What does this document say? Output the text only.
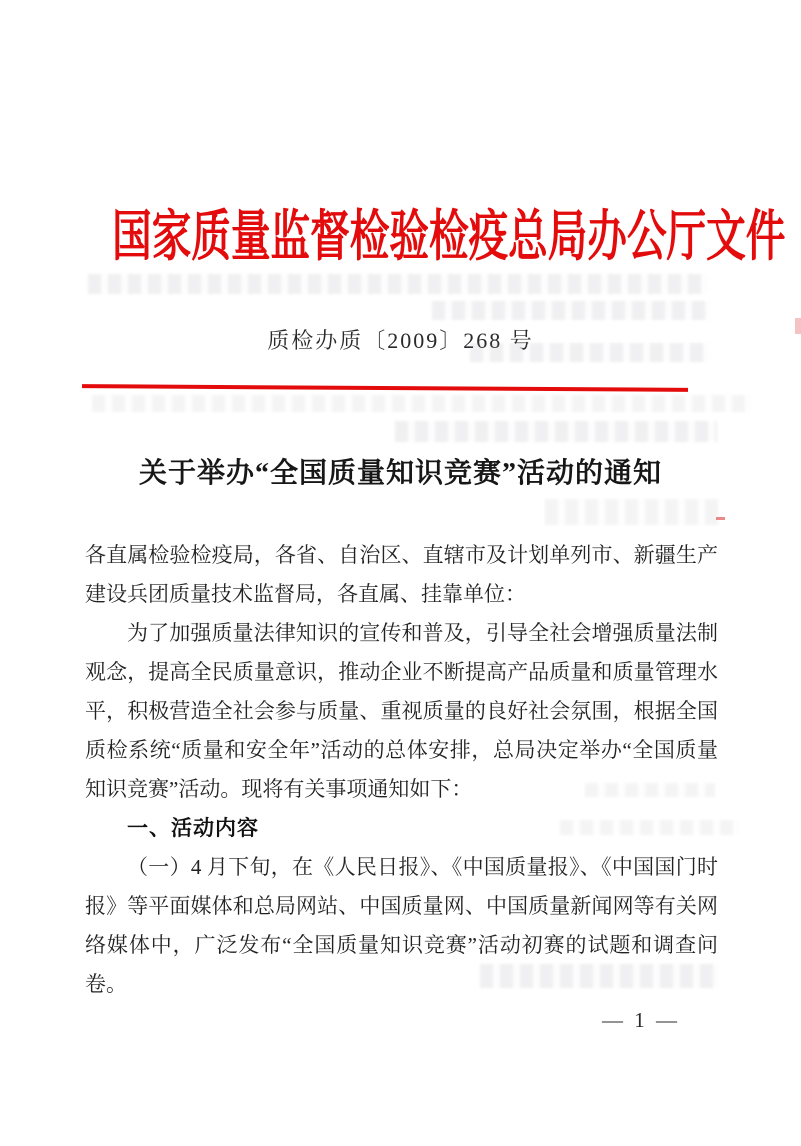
国家质量监督检验检疫总局办公厅文件
质检办质〔2009〕268 号
关于举办“全国质量知识竞赛”活动的通知

各直属检验检疫局，各省、自治区、直辖市及计划单列市、新疆生产建设兵团质量技术监督局，各直属、挂靠单位：

为了加强质量法律知识的宣传和普及，引导全社会增强质量法制观念，提高全民质量意识，推动企业不断提高产品质量和质量管理水平，积极营造全社会参与质量、重视质量的良好社会氛围，根据全国质检系统“质量和安全年”活动的总体安排，总局决定举办“全国质量知识竞赛”活动。现将有关事项通知如下：

一、活动内容

（一）4 月下旬，在《人民日报》、《中国质量报》、《中国国门时报》等平面媒体和总局网站、中国质量网、中国质量新闻网等有关网络媒体中，广泛发布“全国质量知识竞赛”活动初赛的试题和调查问卷。

— 1 —
